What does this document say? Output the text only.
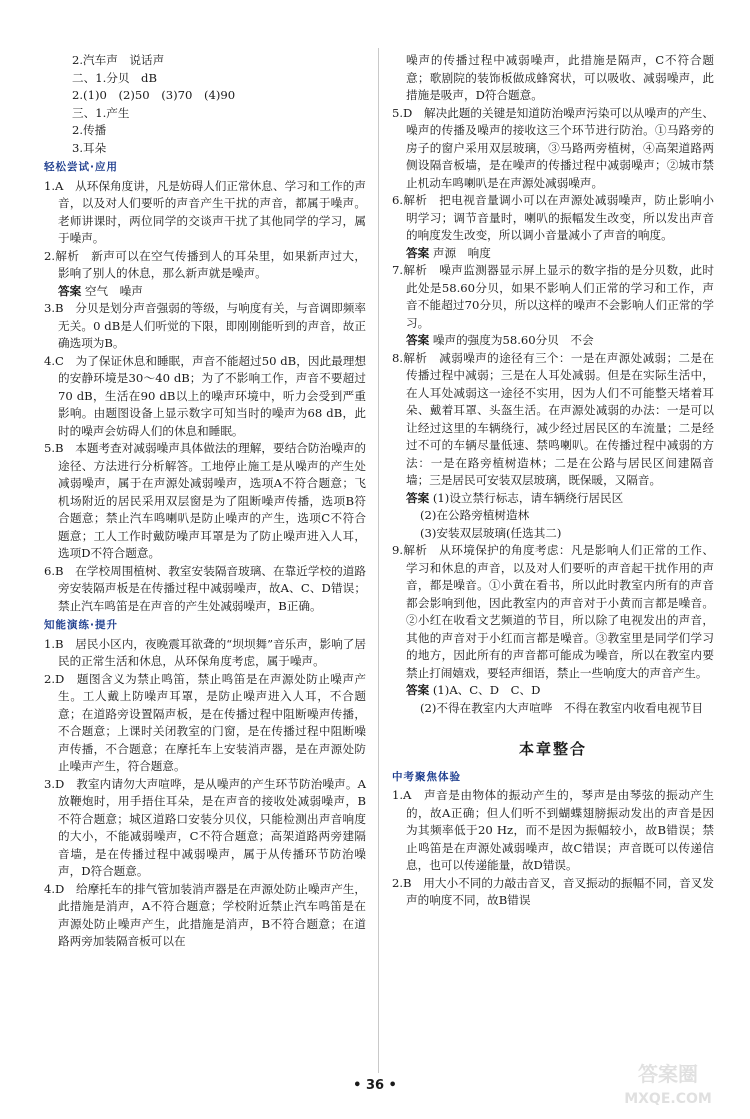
2.汽车声　说话声

二、1.分贝　dB

2.(1)0　(2)50　(3)70　(4)90

三、1.产生

2.传播

3.耳朵

轻松尝试·应用

1.A　从环保角度讲，凡是妨碍人们正常休息、学习和工作的声音，以及对人们要听的声音产生干扰的声音，都属于噪声。老师讲课时，两位同学的交谈声干扰了其他同学的学习，属于噪声。

2.解析　新声可以在空气传播到人的耳朵里，如果新声过大，影响了别人的休息，那么新声就是噪声。

答案 空气　噪声

3.B　分贝是划分声音强弱的等级，与响度有关，与音调即频率无关。0 dB是人们听觉的下限，即刚刚能听到的声音，故正确选项为B。

4.C　为了保证休息和睡眠，声音不能超过50 dB，因此最理想的安静环境是30～40 dB；为了不影响工作，声音不要超过70 dB，生活在90 dB以上的噪声环境中，听力会受到严重影响。由题图设备上显示数字可知当时的噪声为68 dB，此时的噪声会妨碍人们的休息和睡眠。

5.B　本题考查对减弱噪声具体做法的理解，要结合防治噪声的途径、方法进行分析解答。工地停止施工是从噪声的产生处减弱噪声，属于在声源处减弱噪声，选项A不符合题意；飞机场附近的居民采用双层窗是为了阻断噪声传播，选项B符合题意；禁止汽车鸣喇叭是防止噪声的产生，选项C不符合题意；工人工作时戴防噪声耳罩是为了防止噪声进入人耳，选项D不符合题意。

6.B　在学校周围植树、教室安装隔音玻璃、在靠近学校的道路旁安装隔声板是在传播过程中减弱噪声，故A、C、D错误；禁止汽车鸣笛是在声音的产生处减弱噪声，B正确。

知能演练·提升

1.B　居民小区内，夜晚震耳欲聋的“坝坝舞”音乐声，影响了居民的正常生活和休息，从环保角度考虑，属于噪声。

2.D　题图含义为禁止鸣笛，禁止鸣笛是在声源处防止噪声产生。工人戴上防噪声耳罩，是防止噪声进入人耳，不合题意；在道路旁设置隔声板，是在传播过程中阻断噪声传播，不合题意；上课时关闭教室的门窗，是在传播过程中阻断噪声传播，不合题意；在摩托车上安装消声器，是在声源处防止噪声产生，符合题意。

3.D　教室内请勿大声喧哗，是从噪声的产生环节防治噪声。A　放鞭炮时，用手捂住耳朵，是在声音的接收处减弱噪声，B不符合题意；城区道路口安装分贝仪，只能检测出声音响度的大小，不能减弱噪声，C不符合题意；高架道路两旁建隔音墙，是在传播过程中减弱噪声，属于从传播环节防治噪声，D符合题意。

4.D　给摩托车的排气管加装消声器是在声源处防止噪声产生，此措施是消声，A不符合题意；学校附近禁止汽车鸣笛是在声源处防止噪声产生，此措施是消声，B不符合题意；在道路两旁加装隔音板可以在

噪声的传播过程中减弱噪声，此措施是隔声，C不符合题意；歌剧院的装饰板做成蜂窝状，可以吸收、减弱噪声，此措施是吸声，D符合题意。

5.D　解决此题的关键是知道防治噪声污染可以从噪声的产生、噪声的传播及噪声的接收这三个环节进行防治。①马路旁的房子的窗户采用双层玻璃，③马路两旁植树，④高架道路两侧设隔音板墙，是在噪声的传播过程中减弱噪声；②城市禁止机动车鸣喇叭是在声源处减弱噪声。

6.解析　把电视音量调小可以在声源处减弱噪声，防止影响小明学习；调节音量时，喇叭的振幅发生改变，所以发出声音的响度发生改变，所以调小音量减小了声音的响度。

答案 声源　响度

7.解析　噪声监测器显示屏上显示的数字指的是分贝数，此时此处是58.60分贝，如果不影响人们正常的学习和工作，声音不能超过70分贝，所以这样的噪声不会影响人们正常的学习。

答案 噪声的强度为58.60分贝　不会

8.解析　减弱噪声的途径有三个：一是在声源处减弱；二是在传播过程中减弱；三是在人耳处减弱。但是在实际生活中，在人耳处减弱这一途径不实用，因为人们不可能整天堵着耳朵、戴着耳罩、头盔生活。在声源处减弱的办法：一是可以让经过这里的车辆绕行，减少经过居民区的车流量；二是经过不可的车辆尽量低速、禁鸣喇叭。在传播过程中减弱的方法：一是在路旁植树造林；二是在公路与居民区间建隔音墙；三是居民可安装双层玻璃，既保暖，又隔音。

答案 (1)设立禁行标志，请车辆绕行居民区

(2)在公路旁植树造林

(3)安装双层玻璃(任选其二)

9.解析　从环境保护的角度考虑：凡是影响人们正常的工作、学习和休息的声音，以及对人们要听的声音起干扰作用的声音，都是噪音。①小黄在看书，所以此时教室内所有的声音都会影响到他，因此教室内的声音对于小黄而言都是噪音。②小红在收看文艺频道的节目，所以除了电视发出的声音，其他的声音对于小红而言都是噪音。③教室里是同学们学习的地方，因此所有的声音都可能成为噪音，所以在教室内要禁止打闹嬉戏，要轻声细语，禁止一些响度大的声音产生。

答案 (1)A、C、D　C、D

(2)不得在教室内大声喧哗　不得在教室内收看电视节目

本章整合
中考聚焦体验

1.A　声音是由物体的振动产生的，琴声是由琴弦的振动产生的，故A正确；但人们听不到蝴蝶翅膀振动发出的声音是因为其频率低于20 Hz，而不是因为振幅较小，故B错误；禁止鸣笛是在声源处减弱噪声，故C错误；声音既可以传递信息，也可以传递能量，故D错误。

2.B　用大小不同的力敲击音叉，音叉振动的振幅不同，音叉发声的响度不同，故B错误

• 36 •	答案圈
MXQE.COM
